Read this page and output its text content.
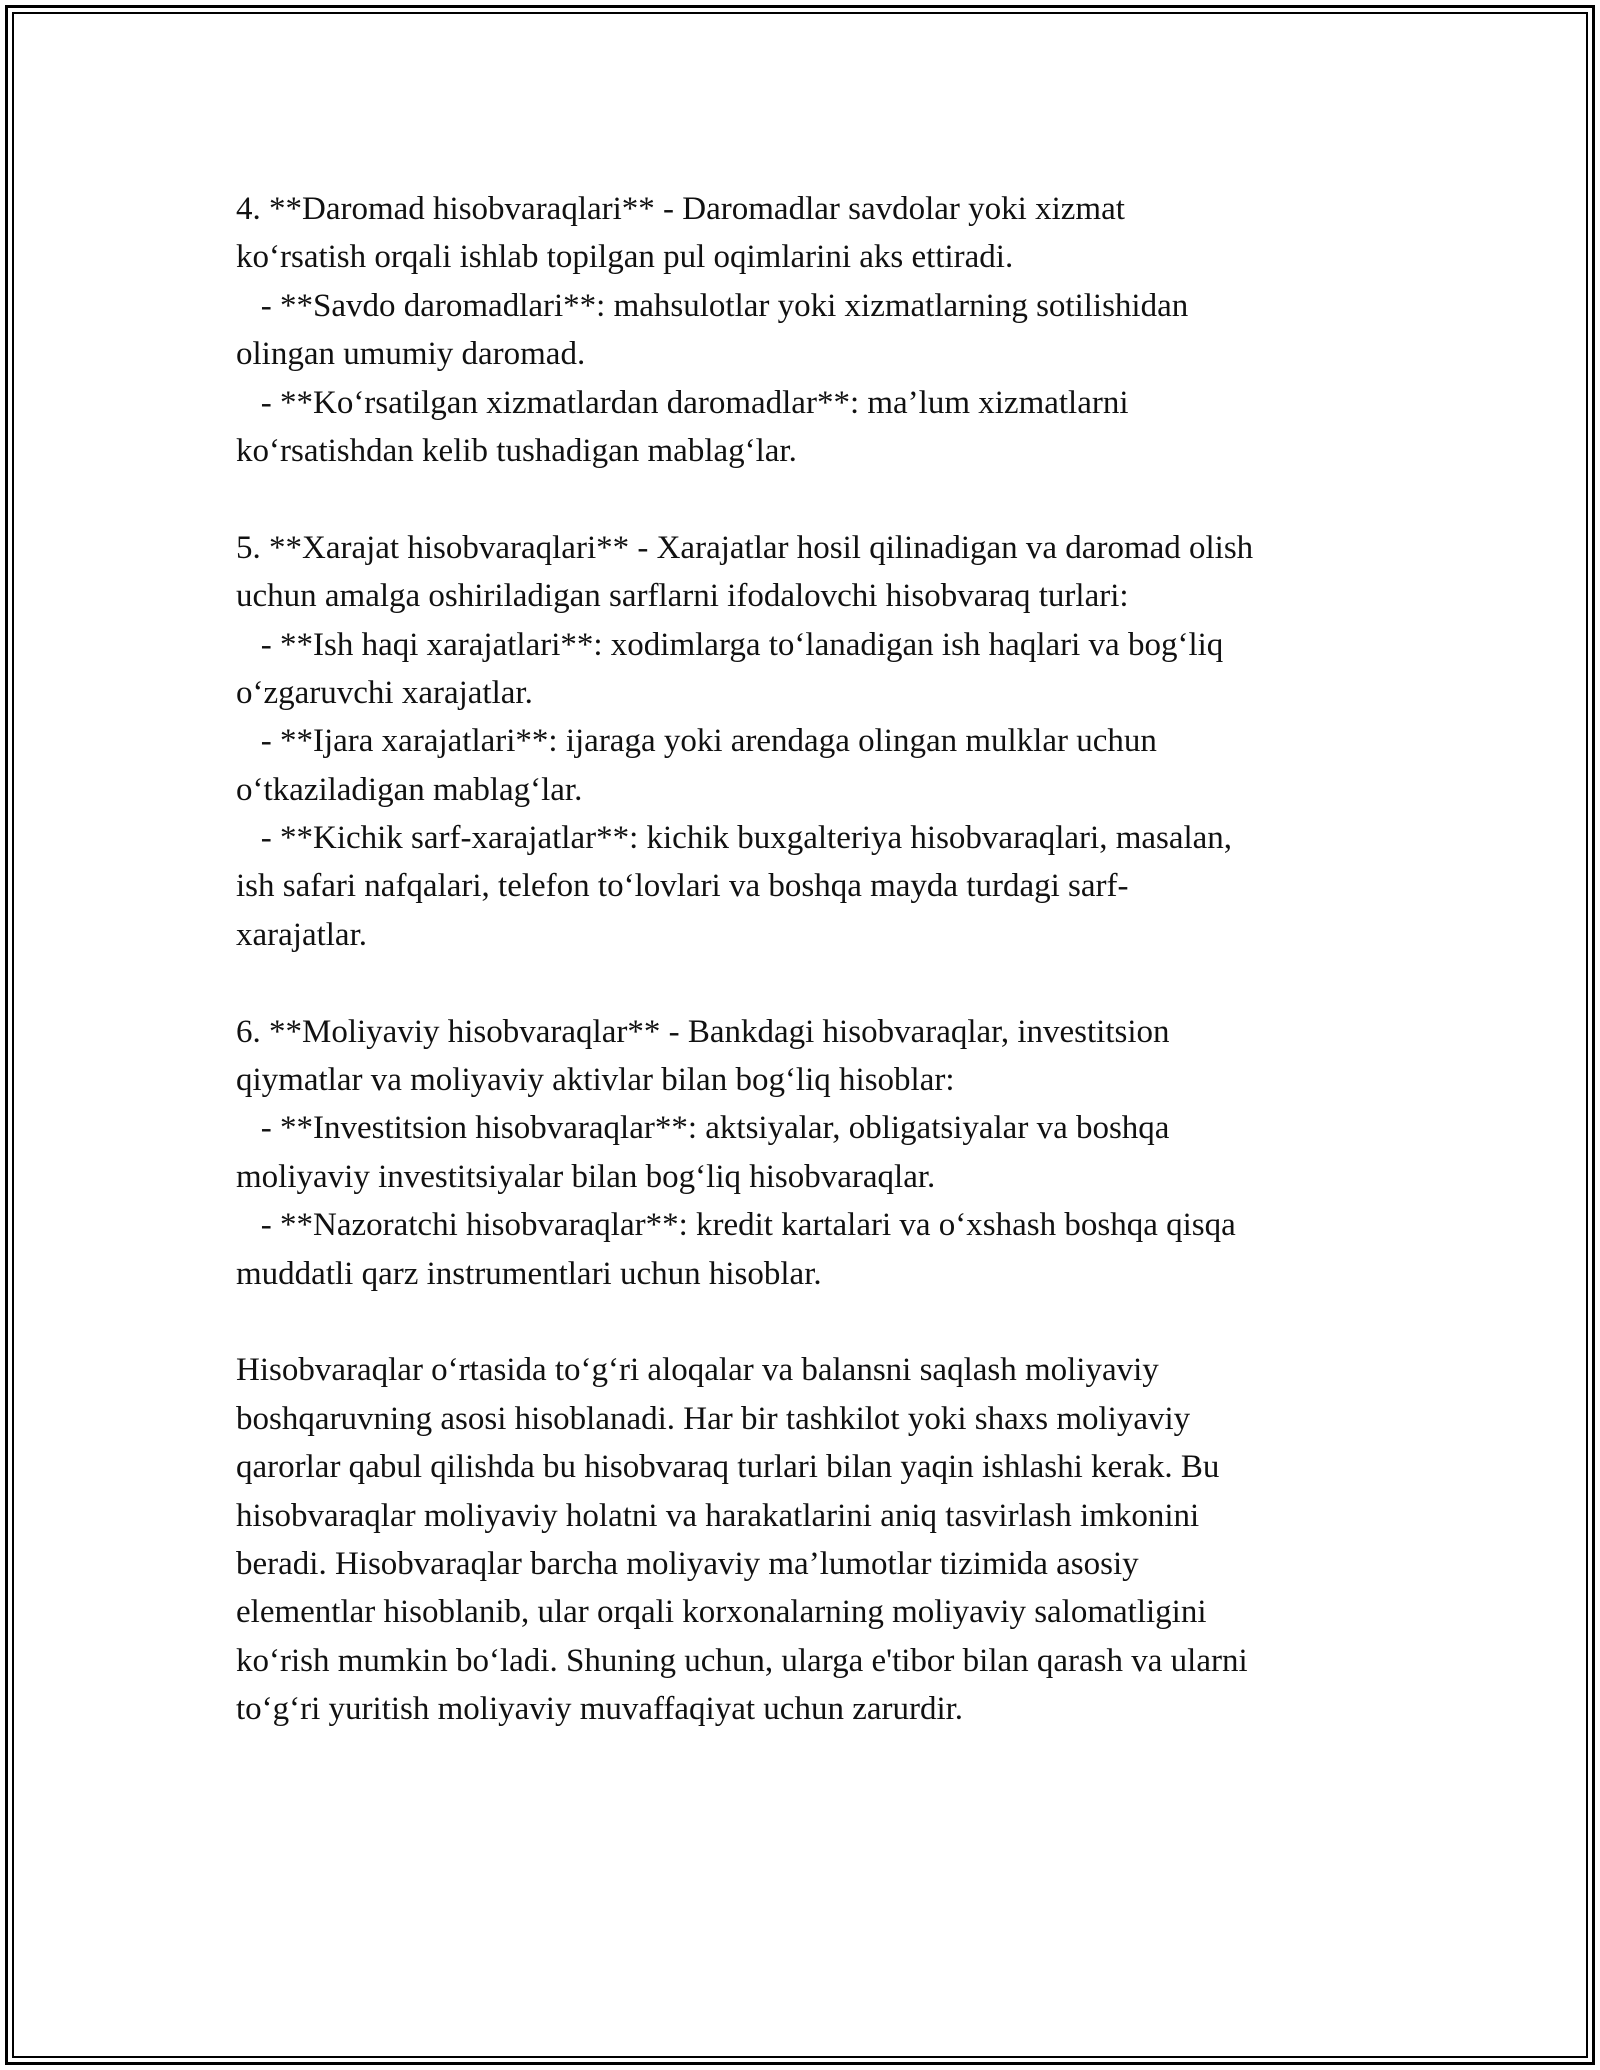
4. **Daromad hisobvaraqlari** - Daromadlar savdolar yoki xizmat
ko‘rsatish orqali ishlab topilgan pul oqimlarini aks ettiradi.
- **Savdo daromadlari**: mahsulotlar yoki xizmatlarning sotilishidan
olingan umumiy daromad.
- **Ko‘rsatilgan xizmatlardan daromadlar**: ma’lum xizmatlarni
ko‘rsatishdan kelib tushadigan mablag‘lar.
5. **Xarajat hisobvaraqlari** - Xarajatlar hosil qilinadigan va daromad olish
uchun amalga oshiriladigan sarflarni ifodalovchi hisobvaraq turlari:
- **Ish haqi xarajatlari**: xodimlarga to‘lanadigan ish haqlari va bog‘liq
o‘zgaruvchi xarajatlar.
- **Ijara xarajatlari**: ijaraga yoki arendaga olingan mulklar uchun
o‘tkaziladigan mablag‘lar.
- **Kichik sarf-xarajatlar**: kichik buxgalteriya hisobvaraqlari, masalan,
ish safari nafqalari, telefon to‘lovlari va boshqa mayda turdagi sarf-
xarajatlar.
6. **Moliyaviy hisobvaraqlar** - Bankdagi hisobvaraqlar, investitsion
qiymatlar va moliyaviy aktivlar bilan bog‘liq hisoblar:
- **Investitsion hisobvaraqlar**: aktsiyalar, obligatsiyalar va boshqa
moliyaviy investitsiyalar bilan bog‘liq hisobvaraqlar.
- **Nazoratchi hisobvaraqlar**: kredit kartalari va o‘xshash boshqa qisqa
muddatli qarz instrumentlari uchun hisoblar.
Hisobvaraqlar o‘rtasida to‘g‘ri aloqalar va balansni saqlash moliyaviy
boshqaruvning asosi hisoblanadi. Har bir tashkilot yoki shaxs moliyaviy
qarorlar qabul qilishda bu hisobvaraq turlari bilan yaqin ishlashi kerak. Bu
hisobvaraqlar moliyaviy holatni va harakatlarini aniq tasvirlash imkonini
beradi. Hisobvaraqlar barcha moliyaviy ma’lumotlar tizimida asosiy
elementlar hisoblanib, ular orqali korxonalarning moliyaviy salomatligini
ko‘rish mumkin bo‘ladi. Shuning uchun, ularga e'tibor bilan qarash va ularni
to‘g‘ri yuritish moliyaviy muvaffaqiyat uchun zarurdir.
